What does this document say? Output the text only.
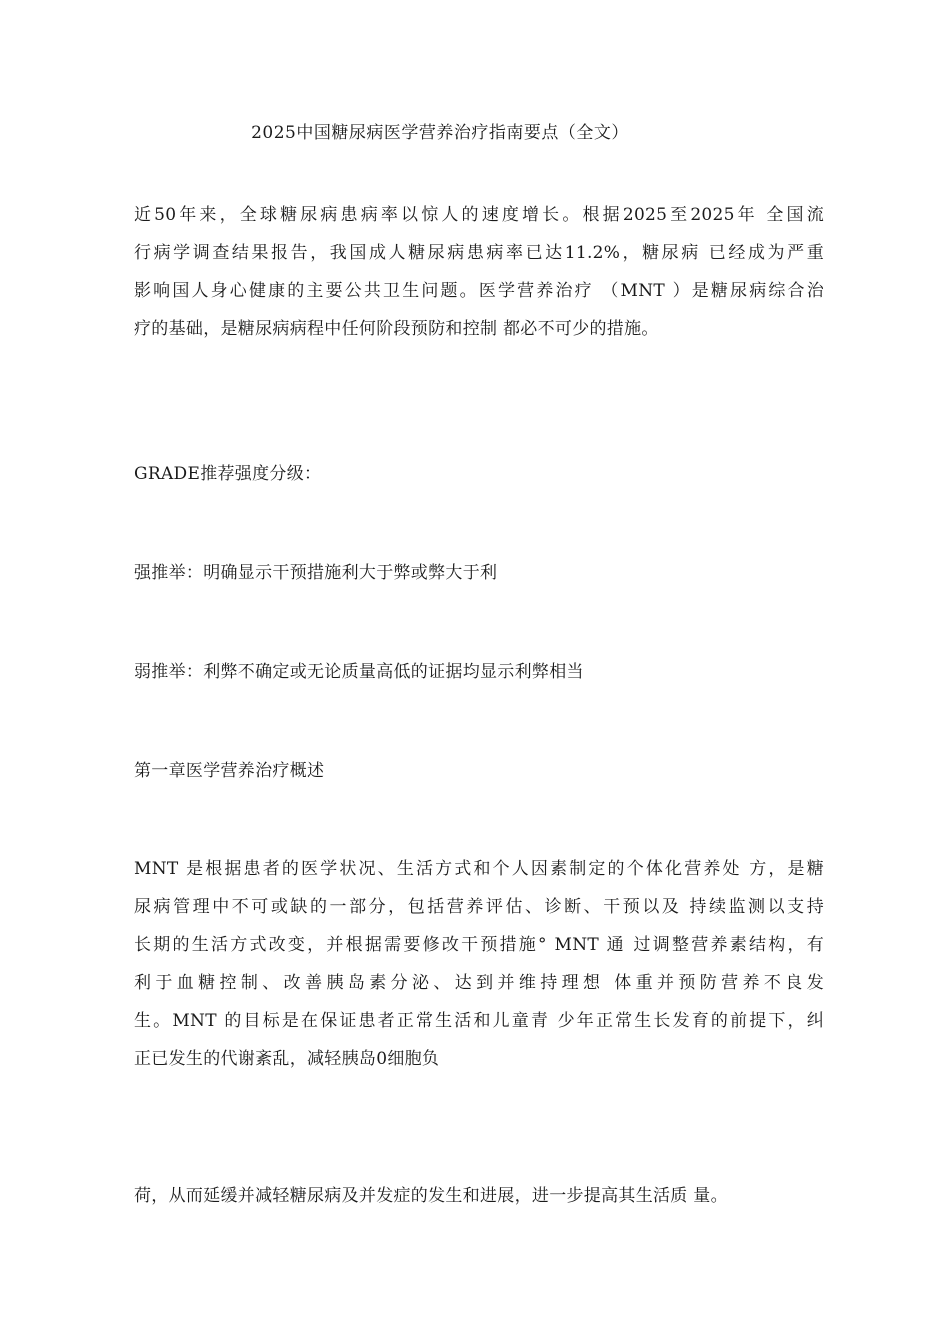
2025中国糖尿病医学营养治疗指南要点（全文）
近50年来，全球糖尿病患病率以惊人的速度增长。根据2025至2025年 全国流
行病学调查结果报告，我国成人糖尿病患病率已达11.2%，糖尿病 已经成为严重
影响国人身心健康的主要公共卫生问题。医学营养治疗 （MNT ）是糖尿病综合治
疗的基础，是糖尿病病程中任何阶段预防和控制 都必不可少的措施。
GRADE推荐强度分级：
强推举：明确显示干预措施利大于弊或弊大于利
弱推举：利弊不确定或无论质量高低的证据均显示利弊相当
第一章医学营养治疗概述
MNT 是根据患者的医学状况、生活方式和个人因素制定的个体化营养处 方，是糖
尿病管理中不可或缺的一部分，包括营养评估、诊断、干预以及 持续监测以支持
长期的生活方式改变，并根据需要修改干预措施° MNT 通 过调整营养素结构，有
利于血糖控制、改善胰岛素分泌、达到并维持理想 体重并预防营养不良发
生。MNT 的目标是在保证患者正常生活和儿童青 少年正常生长发育的前提下，纠
正已发生的代谢紊乱，减轻胰岛0细胞负
荷，从而延缓并减轻糖尿病及并发症的发生和进展，进一步提高其生活质 量。
